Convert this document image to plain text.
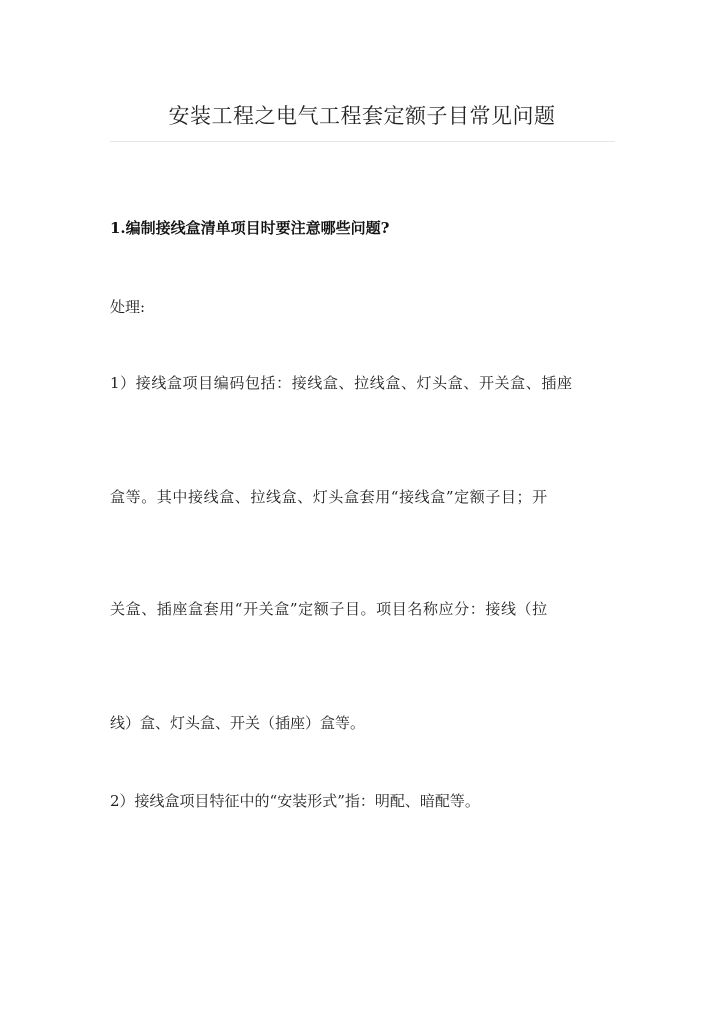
安装工程之电气工程套定额子目常见问题
1.编制接线盒清单项目时要注意哪些问题?
处理:
1）接线盒项目编码包括：接线盒、拉线盒、灯头盒、开关盒、插座
盒等。其中接线盒、拉线盒、灯头盒套用“接线盒”定额子目；开
关盒、插座盒套用“开关盒”定额子目。项目名称应分：接线（拉
线）盒、灯头盒、开关（插座）盒等。
2）接线盒项目特征中的“安装形式”指：明配、暗配等。
